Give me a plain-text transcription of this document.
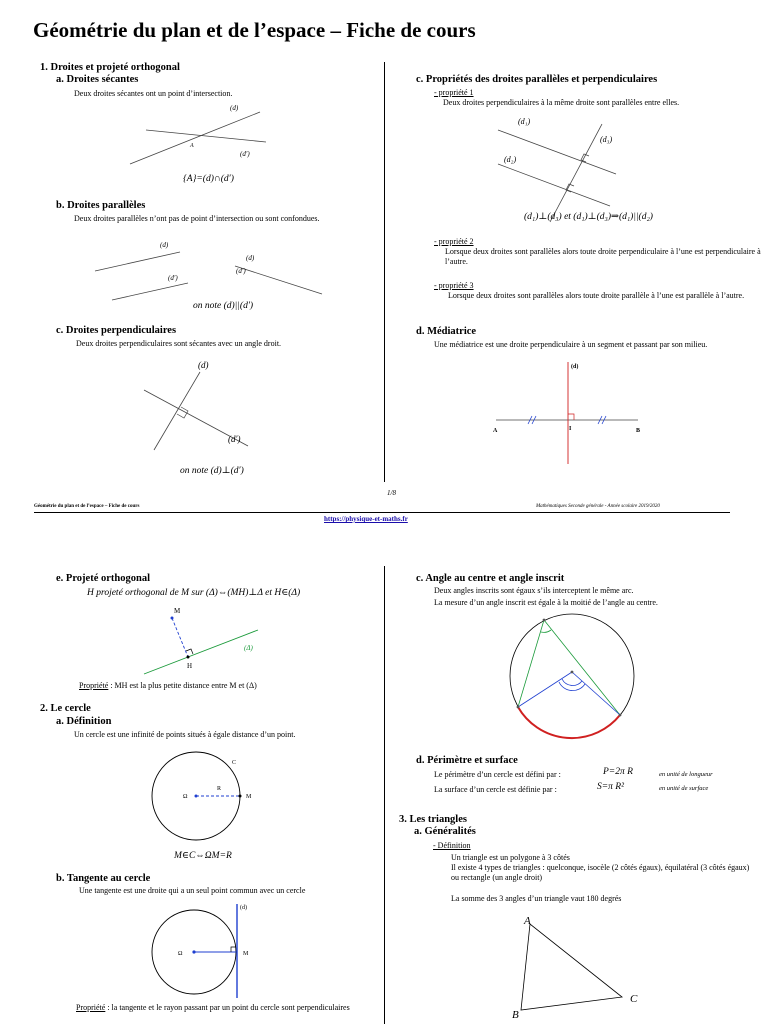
Géométrie du plan et de l’espace – Fiche de cours
1. Droites et projeté orthogonal
a. Droites sécantes
Deux droites sécantes ont un point d’intersection.
(d)
(d′)
A
{A}=(d)∩(d′)
b. Droites parallèles
Deux droites parallèles n’ont pas de point d’intersection ou sont confondues.
(d)
(d′)
(d)
(d′)
on note (d)||(d′)
c. Droites perpendiculaires
Deux droites perpendiculaires sont sécantes avec un angle droit.
(d)
(d′)
on note (d)⊥(d′)
c. Propriétés des droites parallèles et perpendiculaires
- propriété 1
Deux droites perpendiculaires à la même droite sont parallèles entre elles.
(d₁)
(d₂)
(d₃)
(d₁)⊥(d₃) et (d₁)⊥(d₃)⇒(d₁)||(d₂)
- propriété 2
Lorsque deux droites sont parallèles alors toute droite perpendiculaire à l’une est perpendiculaire à l’autre.
- propriété 3
Lorsque deux droites sont parallèles alors toute droite parallèle à l’une est parallèle à l’autre.
d. Médiatrice
Une médiatrice est une droite perpendiculaire à un segment et passant par son milieu.
(d)
A	I	B
1/8
Géométrie du plan et de l’espace – Fiche de cours	Mathématiques Seconde générale - Année scolaire 2019/2020
https://physique-et-maths.fr
e. Projeté orthogonal
H projeté orthogonal de M sur (Δ)⇔(MH)⊥Δ et H∈(Δ)
M
H
(Δ)
Propriété : MH est la plus petite distance entre M et (Δ)
2. Le cercle
a. Définition
Un cercle est une infinité de points situés à égale distance d’un point.
Ω
R
M
C
M∈C⇔ΩM=R
b. Tangente au cercle
Une tangente est une droite qui a un seul point commun avec un cercle
(d)
Ω	M
Propriété : la tangente et le rayon passant par un point du cercle sont perpendiculaires
c. Angle au centre et angle inscrit
Deux angles inscrits sont égaux s’ils interceptent le même arc.
La mesure d’un angle inscrit est égale à la moitié de l’angle au centre.
d. Périmètre et surface
Le périmètre d’un cercle est défini par :	P=2π R	en unité de longueur
La surface d’un cercle est définie par :	S=π R²	en unité de surface
3. Les triangles
a. Généralités
- Définition
Un triangle est un polygone à 3 côtés
Il existe 4 types de triangles : quelconque, isocèle (2 côtés égaux), équilatéral (3 côtés égaux) ou rectangle (un angle droit)
La somme des 3 angles d’un triangle vaut 180 degrés
A
B
C
